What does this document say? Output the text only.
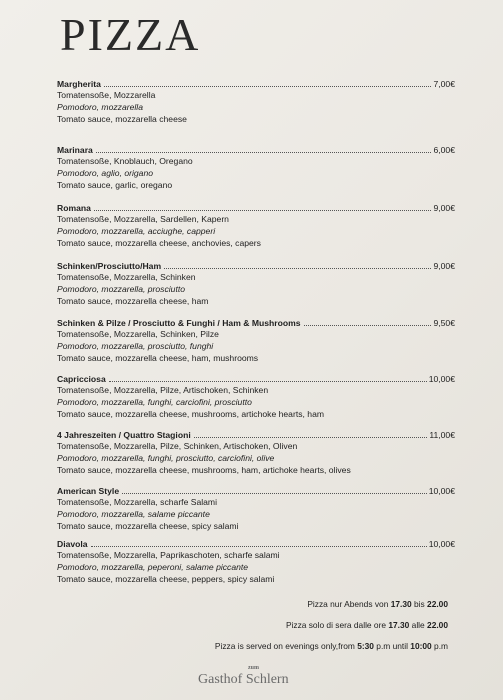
PIZZA
Margherita	7,00€
Tomatensoße, Mozzarella
Pomodoro, mozzarella
Tomato sauce, mozzarella cheese
Marinara	6,00€
Tomatensoße, Knoblauch, Oregano
Pomodoro, aglio, origano
Tomato sauce, garlic, oregano
Romana	9,00€
Tomatensoße, Mozzarella, Sardellen, Kapern
Pomodoro, mozzarella, acciughe, capperi
Tomato sauce, mozzarella cheese, anchovies, capers
Schinken/Prosciutto/Ham	9,00€
Tomatensoße, Mozzarella, Schinken
Pomodoro, mozzarella, prosciutto
Tomato sauce, mozzarella cheese, ham
Schinken & Pilze / Prosciutto & Funghi / Ham & Mushrooms	9,50€
Tomatensoße, Mozzarella, Schinken, Pilze
Pomodoro, mozzarella, prosciutto, funghi
Tomato sauce, mozzarella cheese, ham, mushrooms
Capricciosa	10,00€
Tomatensoße, Mozzarella, Pilze, Artischoken, Schinken
Pomodoro, mozzarella, funghi, carciofini, prosciutto
Tomato sauce, mozzarella cheese, mushrooms, artichoke hearts, ham
4 Jahreszeiten / Quattro Stagioni	11,00€
Tomatensoße, Mozzarella, Pilze, Schinken, Artischoken, Oliven
Pomodoro, mozzarella, funghi, prosciutto, carciofini, olive
Tomato sauce, mozzarella cheese, mushrooms, ham, artichoke hearts, olives
American Style	10,00€
Tomatensoße, Mozzarella, scharfe Salami
Pomodoro, mozzarella, salame piccante
Tomato sauce, mozzarella cheese, spicy salami
Diavola	10,00€
Tomatensoße, Mozzarella, Paprikaschoten, scharfe salami
Pomodoro, mozzarella, peperoni, salame piccante
Tomato sauce, mozzarella cheese, peppers, spicy salami
Pizza nur Abends von 17.30 bis 22.00
Pizza solo di sera dalle ore 17.30 alle 22.00
Pizza is served on evenings only,from 5:30 p.m until 10:00 p.m
zum
Gasthof Schlern
